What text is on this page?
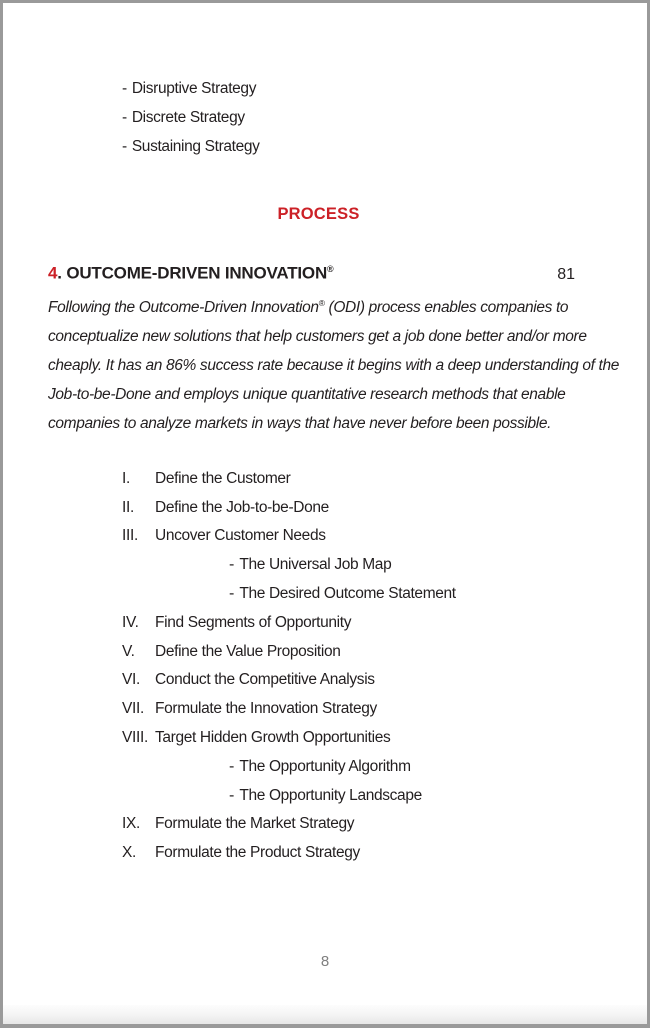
- Disruptive Strategy
- Discrete Strategy
- Sustaining Strategy
PROCESS
4. OUTCOME-DRIVEN INNOVATION®	81
Following the Outcome-Driven Innovation® (ODI) process enables companies to
conceptualize new solutions that help customers get a job done better and/or more
cheaply. It has an 86% success rate because it begins with a deep understanding of the
Job-to-be-Done and employs unique quantitative research methods that enable
companies to analyze markets in ways that have never before been possible.
I.	Define the Customer
II.	Define the Job-to-be-Done
III.	Uncover Customer Needs
- The Universal Job Map
- The Desired Outcome Statement
IV.	Find Segments of Opportunity
V.	Define the Value Proposition
VI. Conduct the Competitive Analysis
VII. Formulate the Innovation Strategy
VIII. Target Hidden Growth Opportunities
- The Opportunity Algorithm
- The Opportunity Landscape
IX. Formulate the Market Strategy
X.	Formulate the Product Strategy
8
